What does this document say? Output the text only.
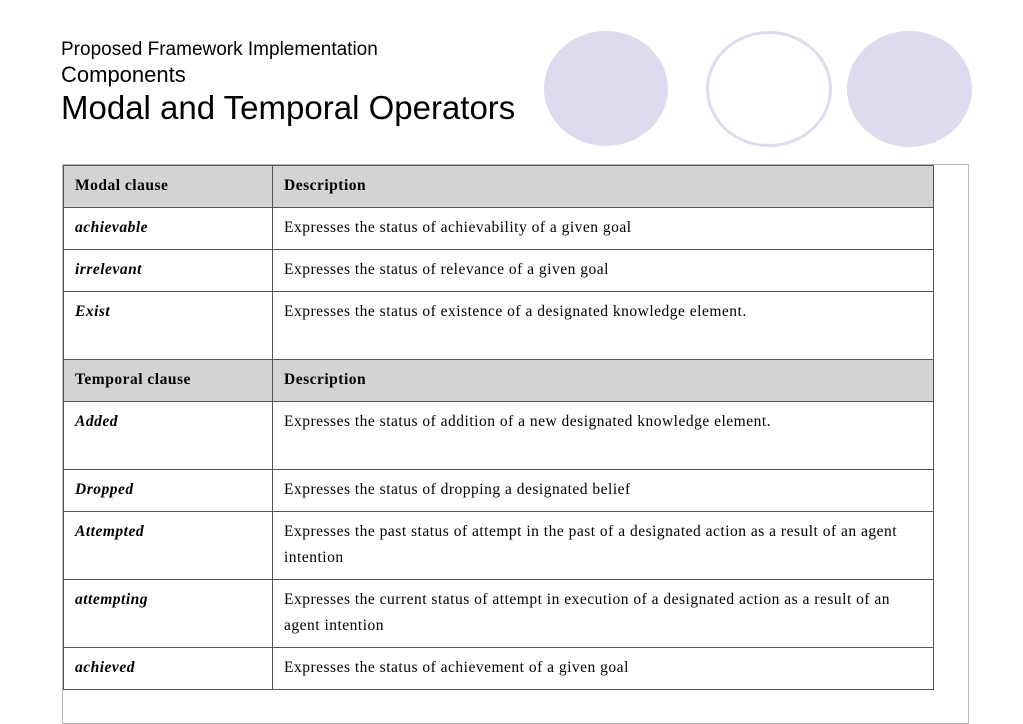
Proposed Framework Implementation
Components
Modal and Temporal Operators
Modal clause	Description
achievable	Expresses the status of achievability of a given goal
irrelevant	Expresses the status of relevance of a given goal
Exist	Expresses the status of existence of a designated knowledge element.
Temporal clause	Description
Added	Expresses the status of addition of a new designated knowledge element.
Dropped	Expresses the status of dropping a designated belief
Attempted	Expresses the past status of attempt in the past of a designated action as a result of an agent intention
attempting	Expresses the current status of attempt in execution of a designated action as a result of an agent intention
achieved	Expresses the status of achievement of a given goal
